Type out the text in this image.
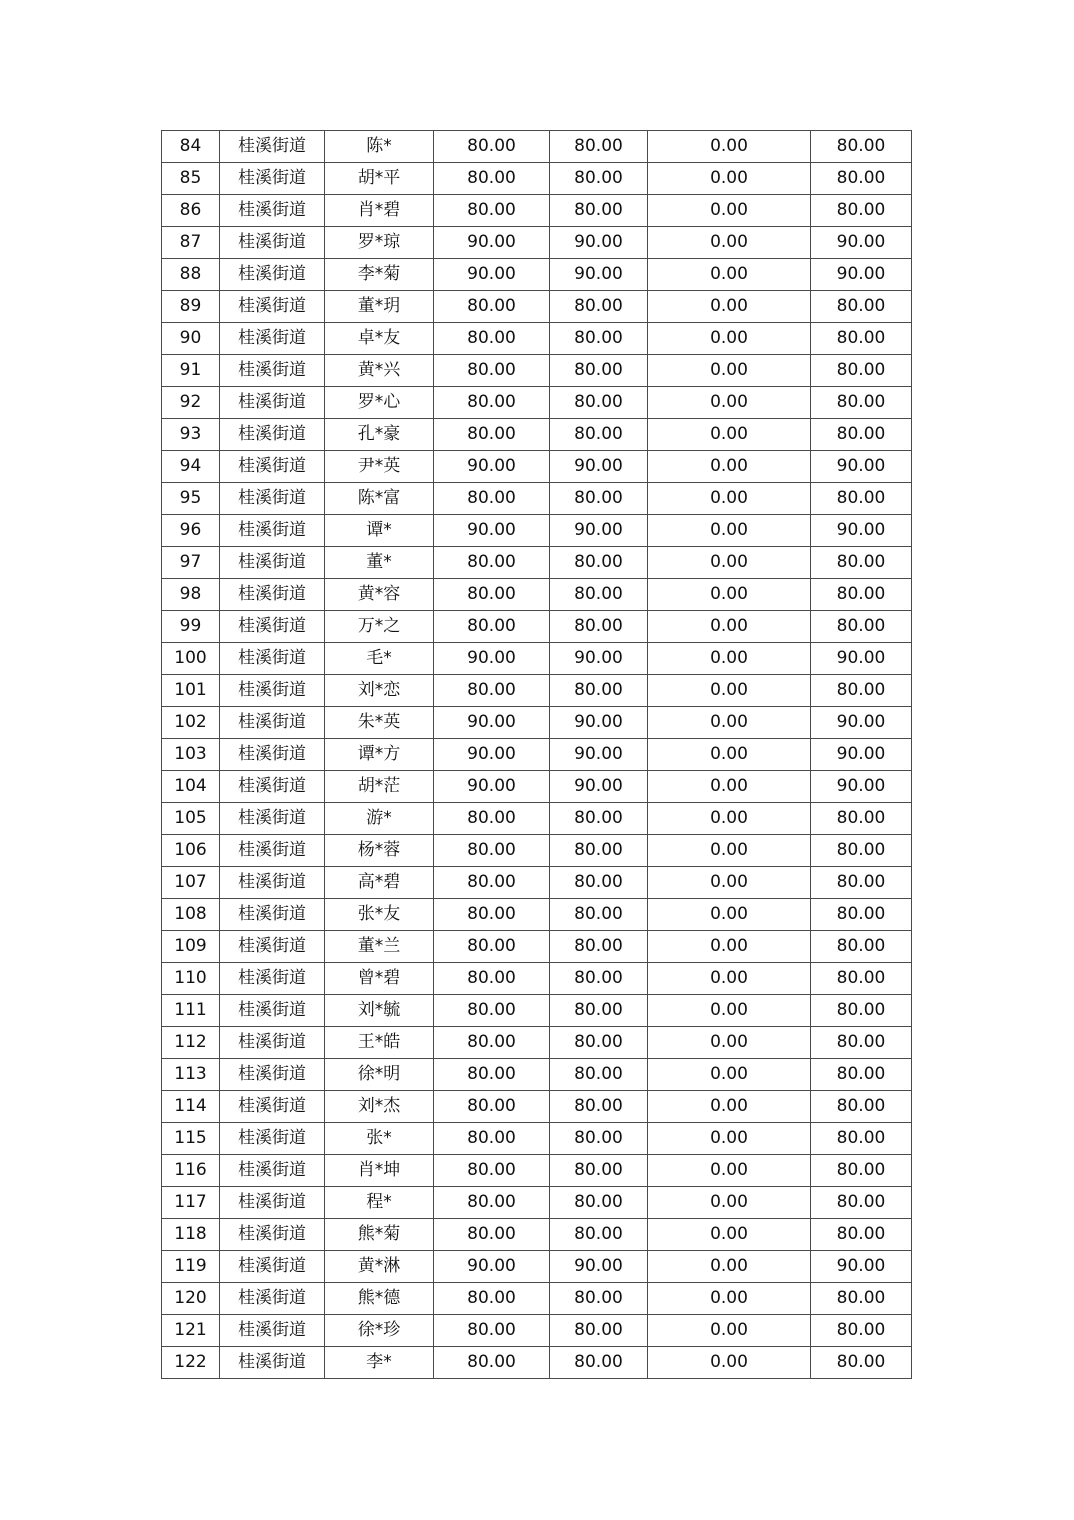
84	桂溪街道	陈*	80.00	80.00	0.00	80.00
85	桂溪街道	胡*平	80.00	80.00	0.00	80.00
86	桂溪街道	肖*碧	80.00	80.00	0.00	80.00
87	桂溪街道	罗*琼	90.00	90.00	0.00	90.00
88	桂溪街道	李*菊	90.00	90.00	0.00	90.00
89	桂溪街道	董*玥	80.00	80.00	0.00	80.00
90	桂溪街道	卓*友	80.00	80.00	0.00	80.00
91	桂溪街道	黄*兴	80.00	80.00	0.00	80.00
92	桂溪街道	罗*心	80.00	80.00	0.00	80.00
93	桂溪街道	孔*豪	80.00	80.00	0.00	80.00
94	桂溪街道	尹*英	90.00	90.00	0.00	90.00
95	桂溪街道	陈*富	80.00	80.00	0.00	80.00
96	桂溪街道	谭*	90.00	90.00	0.00	90.00
97	桂溪街道	董*	80.00	80.00	0.00	80.00
98	桂溪街道	黄*容	80.00	80.00	0.00	80.00
99	桂溪街道	万*之	80.00	80.00	0.00	80.00
100	桂溪街道	毛*	90.00	90.00	0.00	90.00
101	桂溪街道	刘*恋	80.00	80.00	0.00	80.00
102	桂溪街道	朱*英	90.00	90.00	0.00	90.00
103	桂溪街道	谭*方	90.00	90.00	0.00	90.00
104	桂溪街道	胡*茫	90.00	90.00	0.00	90.00
105	桂溪街道	游*	80.00	80.00	0.00	80.00
106	桂溪街道	杨*蓉	80.00	80.00	0.00	80.00
107	桂溪街道	高*碧	80.00	80.00	0.00	80.00
108	桂溪街道	张*友	80.00	80.00	0.00	80.00
109	桂溪街道	董*兰	80.00	80.00	0.00	80.00
110	桂溪街道	曾*碧	80.00	80.00	0.00	80.00
111	桂溪街道	刘*毓	80.00	80.00	0.00	80.00
112	桂溪街道	王*皓	80.00	80.00	0.00	80.00
113	桂溪街道	徐*明	80.00	80.00	0.00	80.00
114	桂溪街道	刘*杰	80.00	80.00	0.00	80.00
115	桂溪街道	张*	80.00	80.00	0.00	80.00
116	桂溪街道	肖*坤	80.00	80.00	0.00	80.00
117	桂溪街道	程*	80.00	80.00	0.00	80.00
118	桂溪街道	熊*菊	80.00	80.00	0.00	80.00
119	桂溪街道	黄*淋	90.00	90.00	0.00	90.00
120	桂溪街道	熊*德	80.00	80.00	0.00	80.00
121	桂溪街道	徐*珍	80.00	80.00	0.00	80.00
122	桂溪街道	李*	80.00	80.00	0.00	80.00
